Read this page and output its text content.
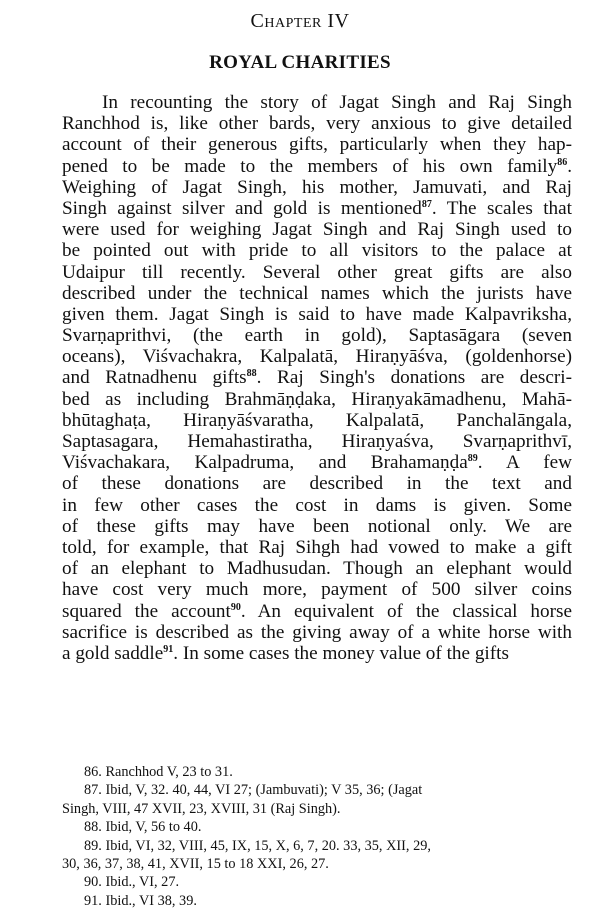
Chapter IV
ROYAL CHARITIES
In recounting the story of Jagat Singh and Raj Singh
Ranchhod is, like other bards, very anxious to give detailed
account of their generous gifts, particularly when they hap-
pened to be made to the members of his own family$^{86}$.
Weighing of Jagat Singh, his mother, Jamuvati, and Raj
Singh against silver and gold is mentioned$^{87}$. The scales that
were used for weighing Jagat Singh and Raj Singh used to
be pointed out with pride to all visitors to the palace at
Udaipur till recently. Several other great gifts are also
described under the technical names which the jurists have
given them. Jagat Singh is said to have made Kalpavriksha,
Svarṇaprithvi, (the earth in gold), Saptasāgara (seven
oceans), Viśvachakra, Kalpalatā, Hiraṇyāśva, (goldenhorse)
and Ratnadhenu gifts$^{88}$. Raj Singh's donations are descri-
bed as including Brahmāṇḍaka, Hiraṇyakāmadhenu, Mahā-
bhūtaghaṭa, Hiraṇyāśvaratha, Kalpalatā, Panchalāngala,
Saptasagara, Hemahastiratha, Hiraṇyaśva, Svarṇaprithvī,
Viśvachakara, Kalpadruma, and Brahamaṇḍa$^{89}$. A few
of these donations are described in the text and
in few other cases the cost in dams is given. Some
of these gifts may have been notional only. We are
told, for example, that Raj Sihgh had vowed to make a gift
of an elephant to Madhusudan. Though an elephant would
have cost very much more, payment of 500 silver coins
squared the account$^{90}$. An equivalent of the classical horse
sacrifice is described as the giving away of a white horse with
a gold saddle$^{91}$. In some cases the money value of the gifts
86. Ranchhod V, 23 to 31.
87. Ibid, V, 32. 40, 44, VI 27; (Jambuvati); V 35, 36; (Jagat
Singh, VIII, 47 XVII, 23, XVIII, 31 (Raj Singh).
88. Ibid, V, 56 to 40.
89. Ibid, VI, 32, VIII, 45, IX, 15, X, 6, 7, 20. 33, 35, XII, 29,
30, 36, 37, 38, 41, XVII, 15 to 18 XXI, 26, 27.
90. Ibid., VI, 27.
91. Ibid., VI 38, 39.
